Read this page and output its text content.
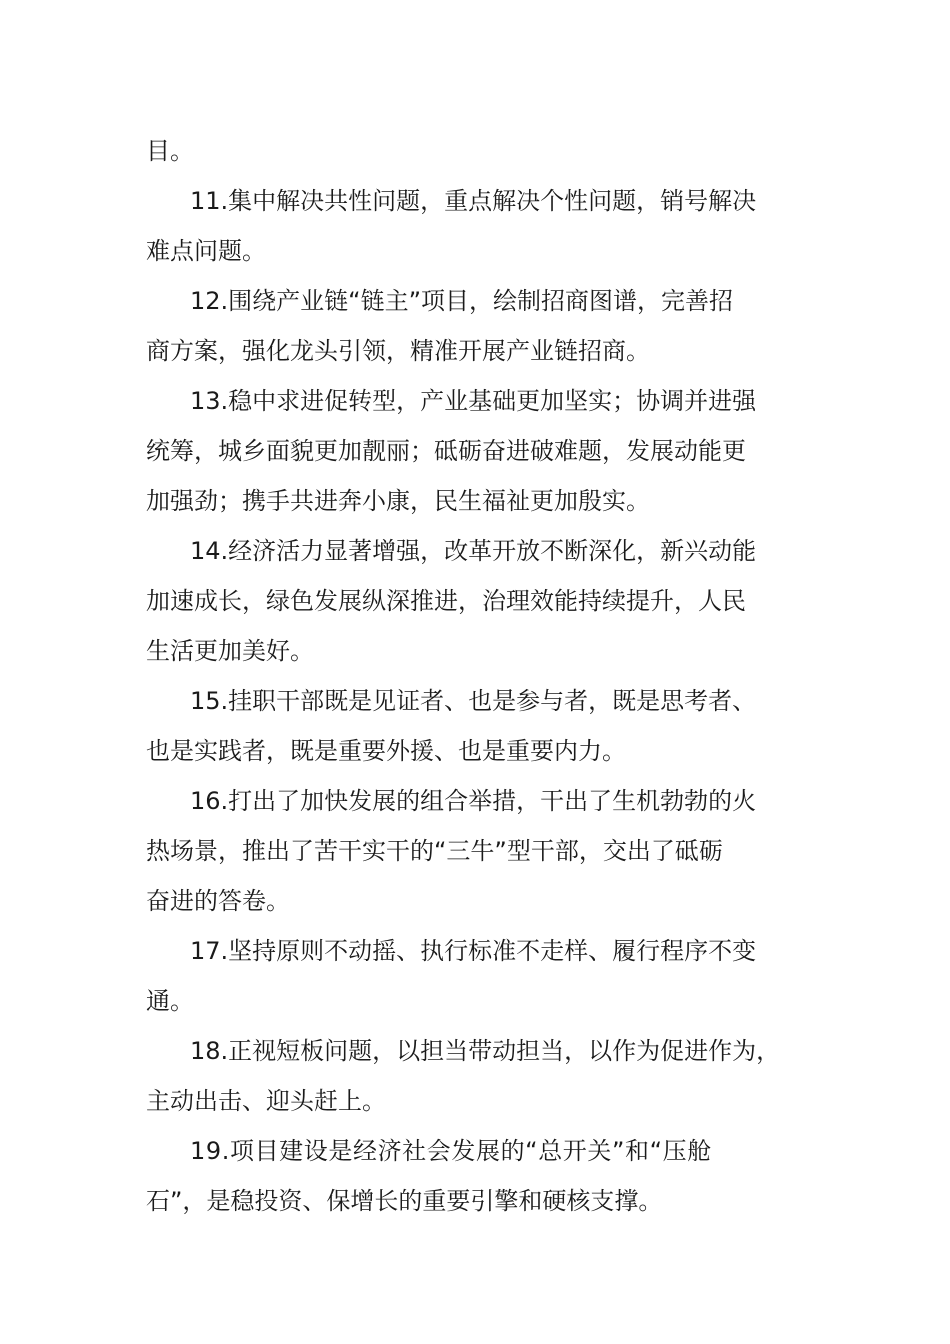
目。
11.集中解决共性问题，重点解决个性问题，销号解决
难点问题。
12.围绕产业链“链主”项目，绘制招商图谱，完善招
商方案，强化龙头引领，精准开展产业链招商。
13.稳中求进促转型，产业基础更加坚实；协调并进强
统筹，城乡面貌更加靓丽；砥砺奋进破难题，发展动能更
加强劲；携手共进奔小康，民生福祉更加殷实。
14.经济活力显著增强，改革开放不断深化，新兴动能
加速成长，绿色发展纵深推进，治理效能持续提升，人民
生活更加美好。
15.挂职干部既是见证者、也是参与者，既是思考者、
也是实践者，既是重要外援、也是重要内力。
16.打出了加快发展的组合举措，干出了生机勃勃的火
热场景，推出了苦干实干的“三牛”型干部，交出了砥砺
奋进的答卷。
17.坚持原则不动摇、执行标准不走样、履行程序不变
通。
18.正视短板问题，以担当带动担当，以作为促进作为，
主动出击、迎头赶上。
19.项目建设是经济社会发展的“总开关”和“压舱
石”，是稳投资、保增长的重要引擎和硬核支撑。
